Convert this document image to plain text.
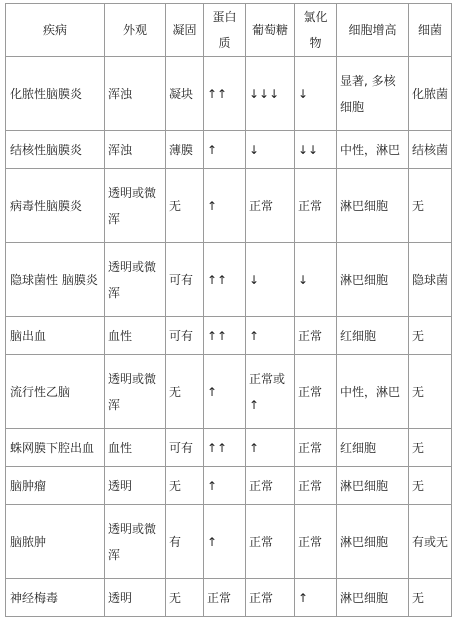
疾病	外观	凝固	蛋白质	葡萄糖	氯化物	细胞增高	细菌
化脓性脑膜炎	浑浊	凝块	↑↑	↓↓↓	↓	显著, 多核细胞	化脓菌
结核性脑膜炎	浑浊	薄膜	↑	↓	↓↓	中性，淋巴	结核菌
病毒性脑膜炎	透明或微浑	无	↑	正常	正常	淋巴细胞	无
隐球菌性 脑膜炎	透明或微浑	可有	↑↑	↓	↓	淋巴细胞	隐球菌
脑出血	血性	可有	↑↑	↑	正常	红细胞	无
流行性乙脑	透明或微浑	无	↑	正常或↑	正常	中性，淋巴	无
蛛网膜下腔出血	血性	可有	↑↑	↑	正常	红细胞	无
脑肿瘤	透明	无	↑	正常	正常	淋巴细胞	无
脑脓肿	透明或微浑	有	↑	正常	正常	淋巴细胞	有或无
神经梅毒	透明	无	正常	正常	↑	淋巴细胞	无
